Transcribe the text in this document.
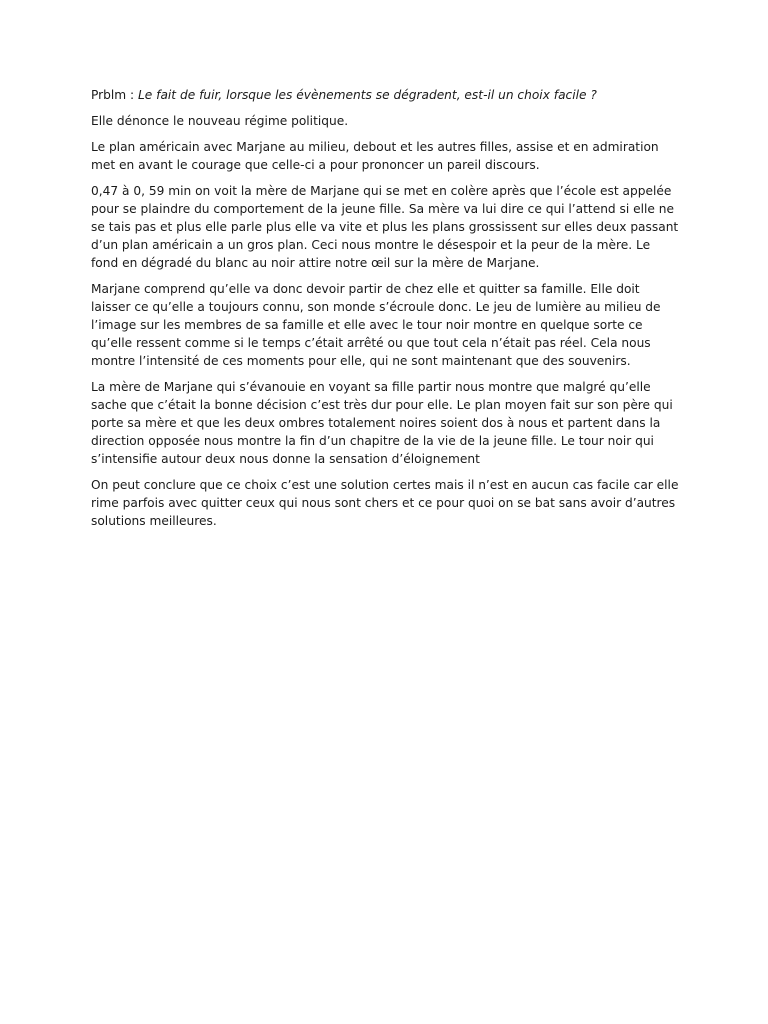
Prblm : Le fait de fuir, lorsque les évènements se dégradent, est-il un choix facile ?

Elle dénonce le nouveau régime politique.

Le plan américain avec Marjane au milieu, debout et les autres filles, assise et en admiration met en avant le courage que celle-ci a pour prononcer un pareil discours.

0,47 à 0, 59 min on voit la mère de Marjane qui se met en colère après que l’école est appelée pour se plaindre du comportement de la jeune fille. Sa mère va lui dire ce qui l’attend si elle ne se tais pas et plus elle parle plus elle va vite et plus les plans grossissent sur elles deux passant d’un plan américain a un gros plan. Ceci nous montre le désespoir et la peur de la mère. Le fond en dégradé du blanc au noir attire notre œil sur la mère de Marjane.

Marjane comprend qu’elle va donc devoir partir de chez elle et quitter sa famille. Elle doit laisser ce qu’elle a toujours connu, son monde s’écroule donc. Le jeu de lumière au milieu de l’image sur les membres de sa famille et elle avec le tour noir montre en quelque sorte ce qu’elle ressent comme si le temps c’était arrêté ou que tout cela n’était pas réel. Cela nous montre l’intensité de ces moments pour elle, qui ne sont maintenant que des souvenirs.

La mère de Marjane qui s’évanouie en voyant sa fille partir nous montre que malgré qu’elle sache que c’était la bonne décision c’est très dur pour elle. Le plan moyen fait sur son père qui porte sa mère et que les deux ombres totalement noires soient dos à nous et partent dans la direction opposée nous montre la fin d’un chapitre de la vie de la jeune fille. Le tour noir qui s’intensifie autour deux nous donne la sensation d’éloignement

On peut conclure que ce choix c’est une solution certes mais il n’est en aucun cas facile car elle rime parfois avec quitter ceux qui nous sont chers et ce pour quoi on se bat sans avoir d’autres solutions meilleures.
